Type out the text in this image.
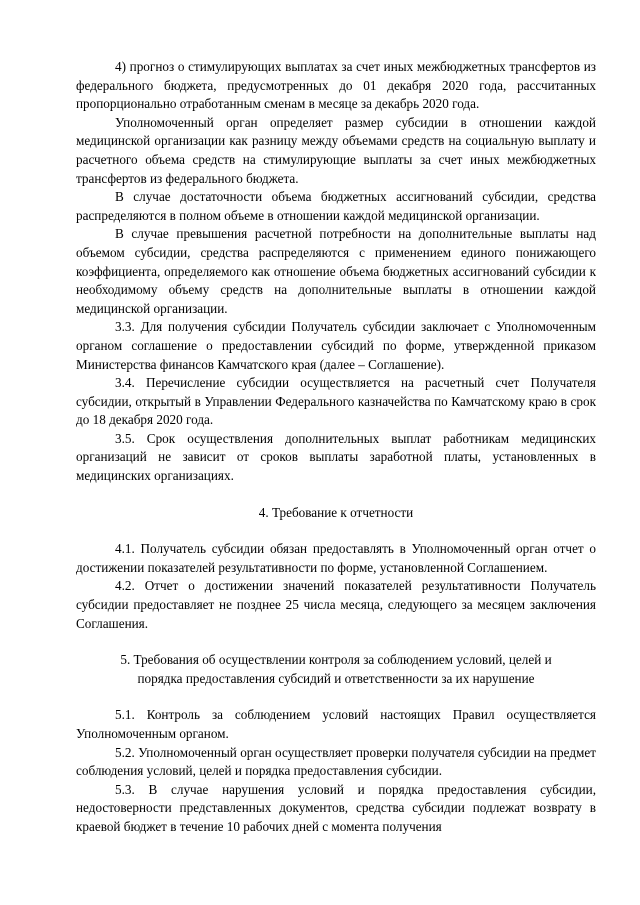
4) прогноз о стимулирующих выплатах за счет иных межбюджетных трансфертов из федерального бюджета, предусмотренных до 01 декабря 2020 года, рассчитанных пропорционально отработанным сменам в месяце за декабрь 2020 года.

Уполномоченный орган определяет размер субсидии в отношении каждой медицинской организации как разницу между объемами средств на социальную выплату и расчетного объема средств на стимулирующие выплаты за счет иных межбюджетных трансфертов из федерального бюджета.

В случае достаточности объема бюджетных ассигнований субсидии, средства распределяются в полном объеме в отношении каждой медицинской организации.

В случае превышения расчетной потребности на дополнительные выплаты над объемом субсидии, средства распределяются с применением единого понижающего коэффициента, определяемого как отношение объема бюджетных ассигнований субсидии к необходимому объему средств на дополнительные выплаты в отношении каждой медицинской организации.

3.3. Для получения субсидии Получатель субсидии заключает с Уполномоченным органом соглашение о предоставлении субсидий по форме, утвержденной приказом Министерства финансов Камчатского края (далее – Соглашение).

3.4. Перечисление субсидии осуществляется на расчетный счет Получателя субсидии, открытый в Управлении Федерального казначейства по Камчатскому краю в срок до 18 декабря 2020 года.

3.5. Срок осуществления дополнительных выплат работникам медицинских организаций не зависит от сроков выплаты заработной платы, установленных в медицинских организациях.

4. Требование к отчетности

4.1. Получатель субсидии обязан предоставлять в Уполномоченный орган отчет о достижении показателей результативности по форме, установленной Соглашением.

4.2. Отчет о достижении значений показателей результативности Получатель субсидии предоставляет не позднее 25 числа месяца, следующего за месяцем заключения Соглашения.

5. Требования об осуществлении контроля за соблюдением условий, целей и

порядка предоставления субсидий и ответственности за их нарушение

5.1. Контроль за соблюдением условий настоящих Правил осуществляется Уполномоченным органом.

5.2. Уполномоченный орган осуществляет проверки получателя субсидии на предмет соблюдения условий, целей и порядка предоставления субсидии.

5.3. В случае нарушения условий и порядка предоставления субсидии, недостоверности представленных документов, средства субсидии подлежат возврату в краевой бюджет в течение 10 рабочих дней с момента получения
